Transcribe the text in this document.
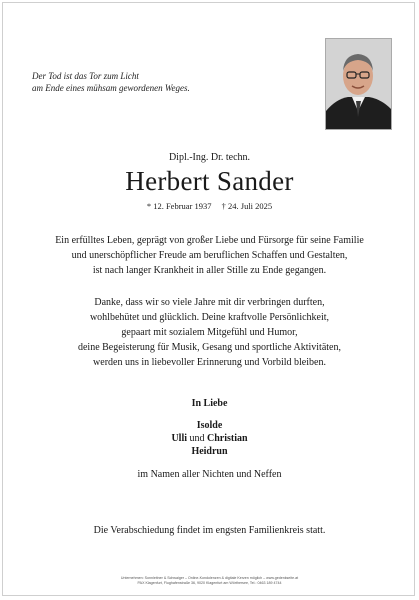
Der Tod ist das Tor zum Licht
am Ende eines mühsam gewordenen Weges.
Dipl.-Ing. Dr. techn.
Herbert Sander
* 12. Februar 1937 † 24. Juli 2025
Ein erfülltes Leben, geprägt von großer Liebe und Fürsorge für seine Familie
und unerschöpflicher Freude am beruflichen Schaffen und Gestalten,
ist nach langer Krankheit in aller Stille zu Ende gegangen.
Danke, dass wir so viele Jahre mit dir verbringen durften,
wohlbehütet und glücklich. Deine kraftvolle Persönlichkeit,
gepaart mit sozialem Mitgefühl und Humor,
deine Begeisterung für Musik, Gesang und sportliche Aktivitäten,
werden uns in liebevoller Erinnerung und Vorbild bleiben.
In Liebe
Isolde
Ulli und Christian
Heidrun
im Namen aller Nichten und Neffen
Die Verabschiedung findet im engsten Familienkreis statt.
Unternehmen: Sonnleitner & Schwaiger – Online-Kondolenzen & digitale Kerzen möglich – www.gedenkseite.at
PAX Klagenfurt, Flughafenstraße 36, 9020 Klagenfurt am Wörthersee, Tel.: 0463 189 4744
